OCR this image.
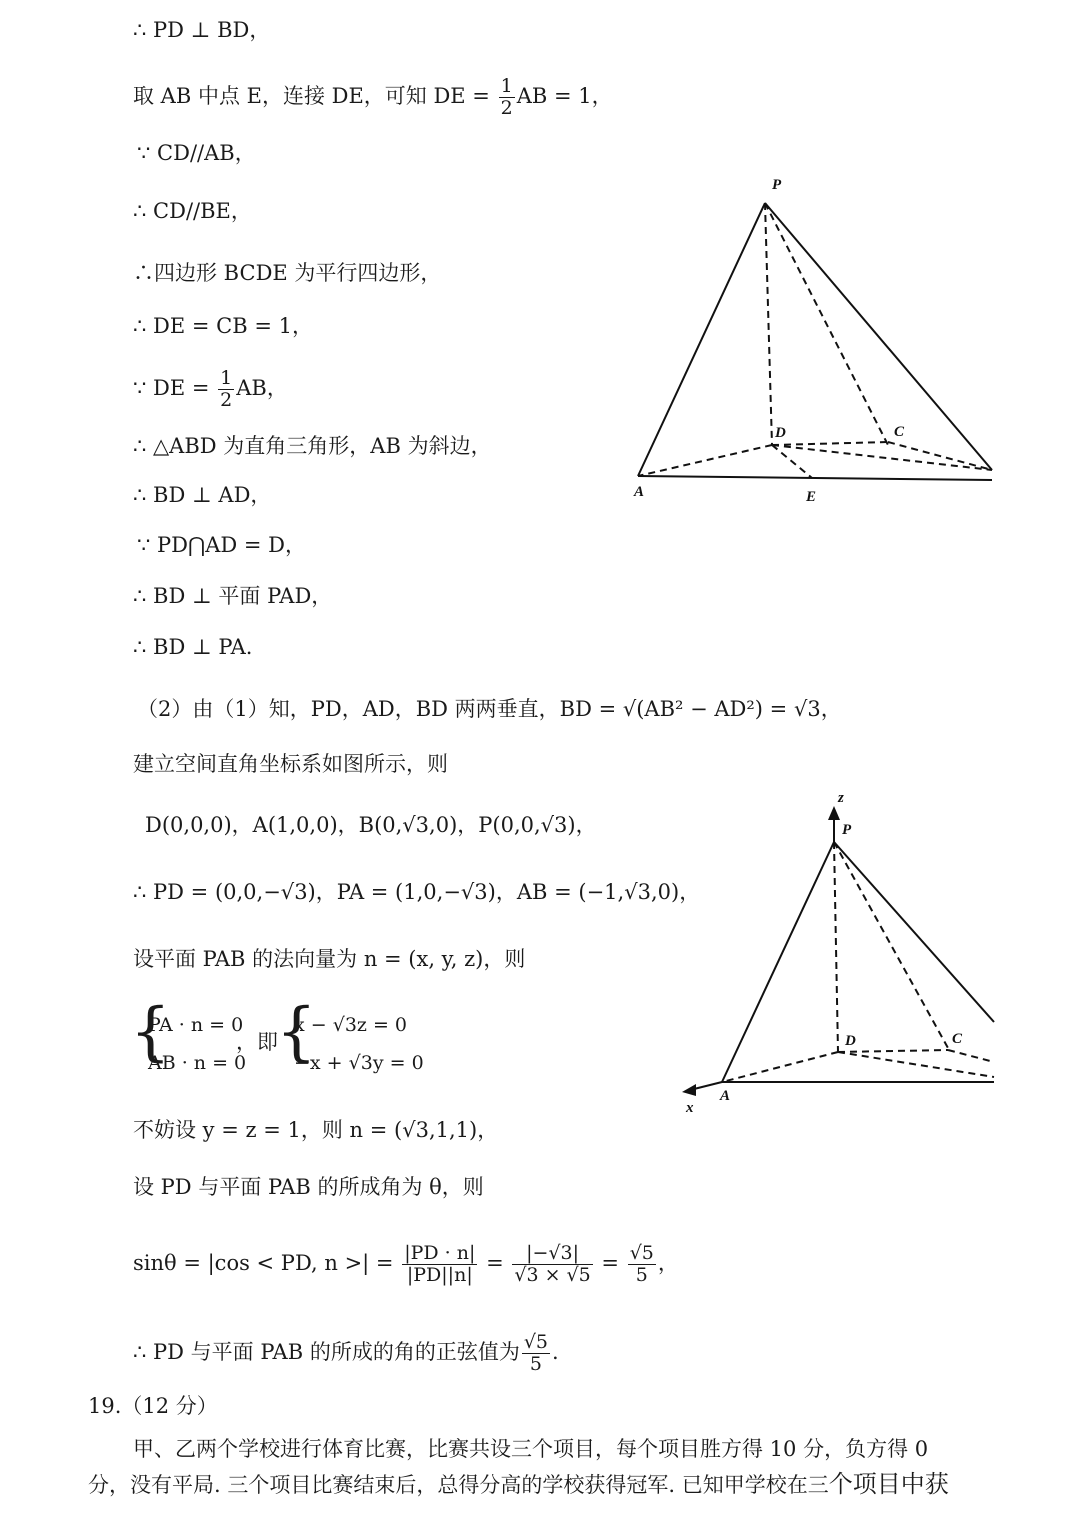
∴ PD ⊥ BD，
取 AB 中点 E，连接 DE，可知 DE = $\frac{1}{2}$ AB = 1，
∵ CD//AB，
∴ CD//BE，
∴四边形 BCDE 为平行四边形，
∴ DE = CB = 1，
∵ DE = $\frac{1}{2}$ AB，
∴ △ABD 为直角三角形，AB 为斜边，
∴ BD ⊥ AD，
∵ PD⋂AD = D，
∴ BD ⊥ 平面 PAD，
∴ BD ⊥ PA.
P
D	C
A	E
（2）由（1）知，PD，AD，BD 两两垂直，BD = √(AB² − AD²) = √3，
建立空间直角坐标系如图所示，则
D(0,0,0)，A(1,0,0)，B(0,√3,0)，P(0,0,√3)，
∴ PD = (0,0,−√3)，PA = (1,0,−√3)，AB = (−1,√3,0)，
设平面 PAB 的法向量为 n = (x, y, z)，则
{
PA · n = 0
AB · n = 0
，即
{
x − √3z = 0
−x + √3y = 0
不妨设 y = z = 1，则 n = (√3,1,1)，
设 PD 与平面 PAB 的所成角为 θ，则
sinθ = |cos < PD, n >| = $\frac{|PD \cdot n|}{|PD||n|} = \frac{|-√3|}{√3 \times √5} = \frac{√5}{5}$ ，
∴ PD 与平面 PAB 的所成的角的正弦值为 $\frac{√5}{5}$ .
z
P
D	C
A
x
19.（12 分）
甲、乙两个学校进行体育比赛，比赛共设三个项目，每个项目胜方得 10 分，负方得 0
分，没有平局. 三个项目比赛结束后，总得分高的学校获得冠军. 已知甲学校在三个项目中获
